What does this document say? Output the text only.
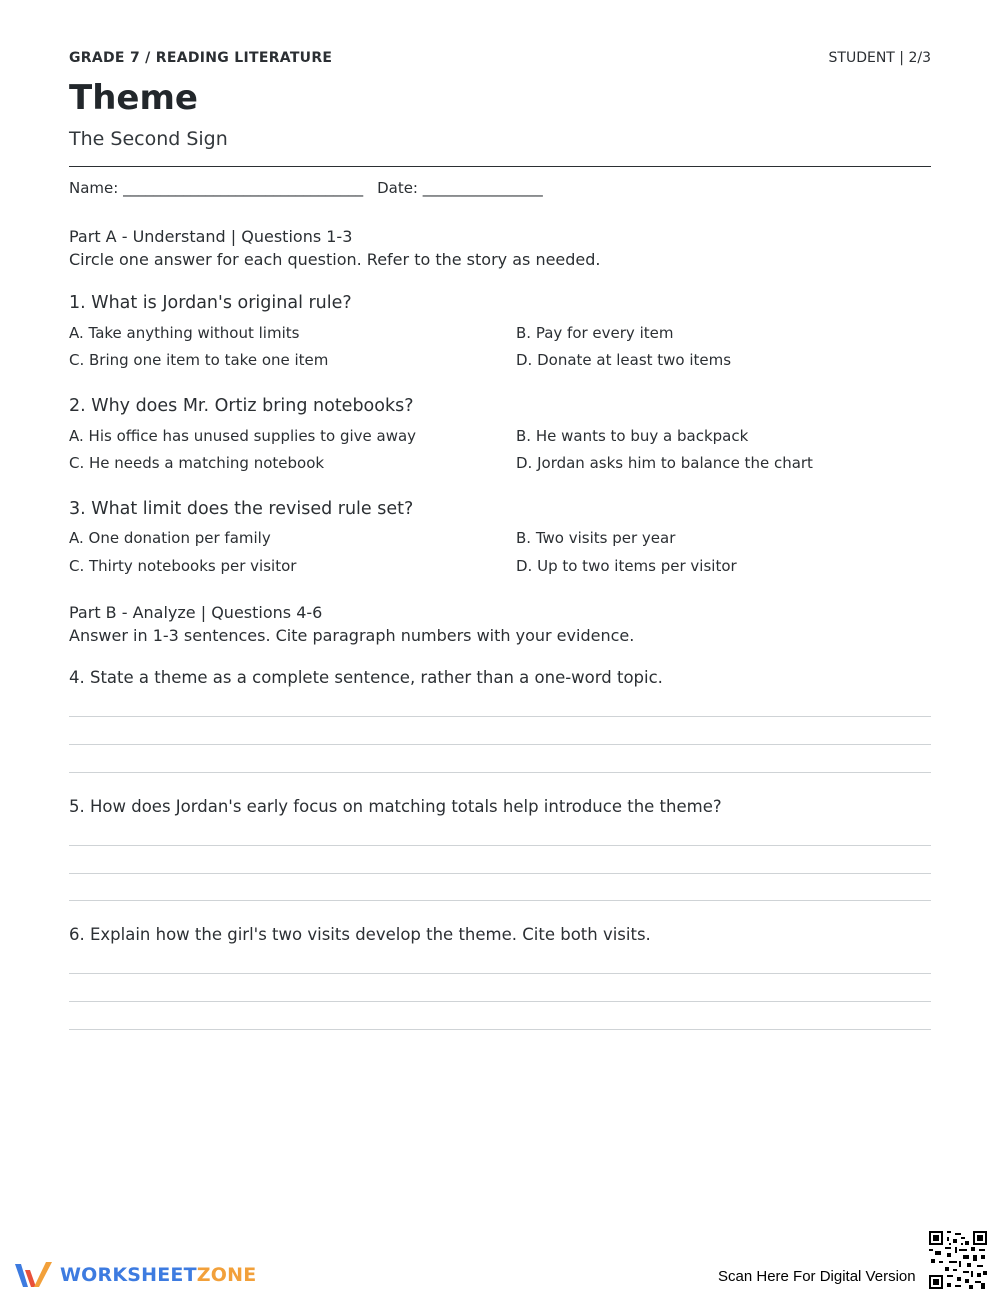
GRADE 7 / READING LITERATURE	STUDENT | 2/3
Theme
The Second Sign
Name: ________________________________ Date: ________________
Part A - Understand | Questions 1-3
Circle one answer for each question. Refer to the story as needed.
1. What is Jordan's original rule?
A. Take anything without limits	B. Pay for every item
C. Bring one item to take one item	D. Donate at least two items
2. Why does Mr. Ortiz bring notebooks?
A. His office has unused supplies to give away	B. He wants to buy a backpack
C. He needs a matching notebook	D. Jordan asks him to balance the chart
3. What limit does the revised rule set?
A. One donation per family	B. Two visits per year
C. Thirty notebooks per visitor	D. Up to two items per visitor
Part B - Analyze | Questions 4-6
Answer in 1-3 sentences. Cite paragraph numbers with your evidence.
4. State a theme as a complete sentence, rather than a one-word topic.
5. How does Jordan's early focus on matching totals help introduce the theme?
6. Explain how the girl's two visits develop the theme. Cite both visits.
WORKSHEETZONE	Scan Here For Digital Version
